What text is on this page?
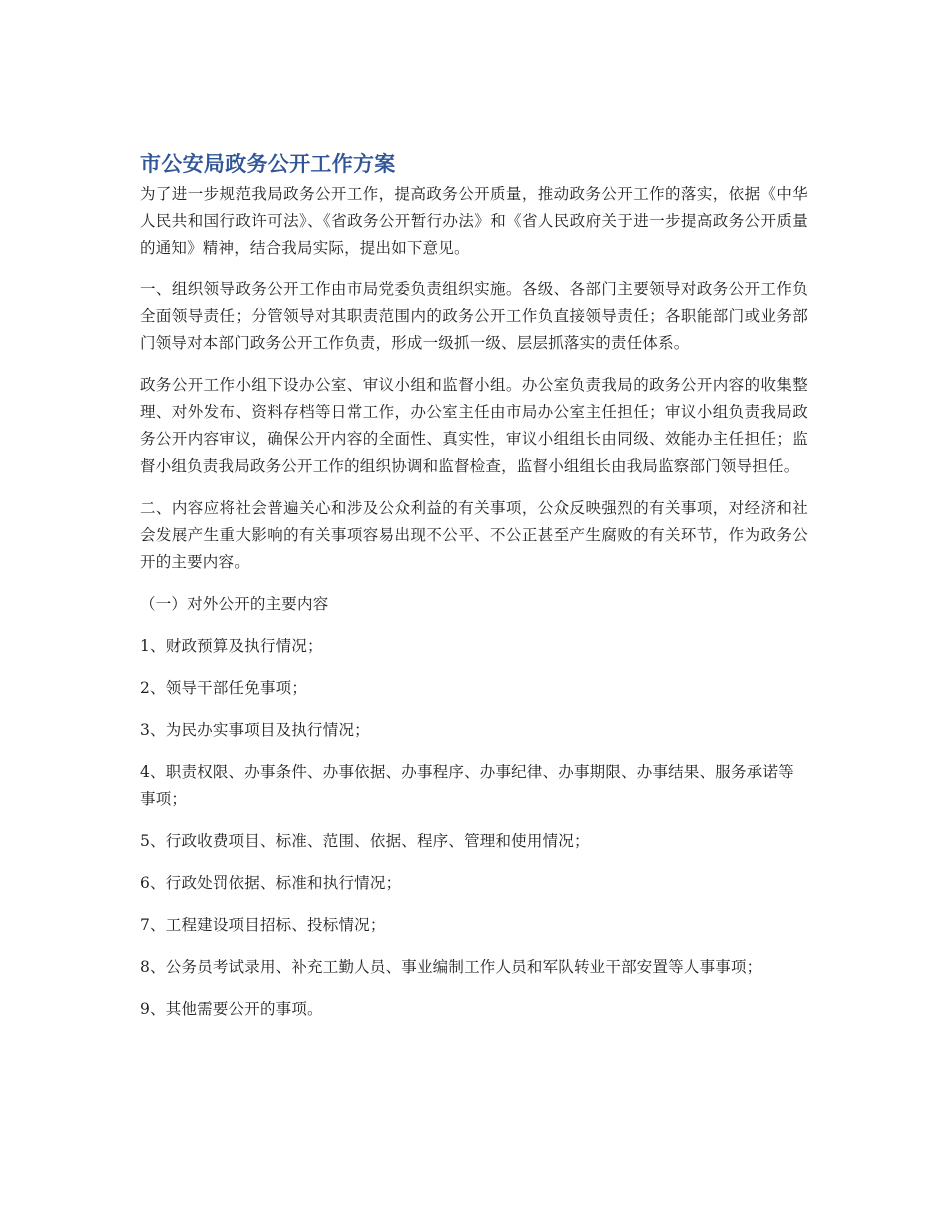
市公安局政务公开工作方案

为了进一步规范我局政务公开工作，提高政务公开质量，推动政务公开工作的落实，依据《中华人民共和国行政许可法》、《省政务公开暂行办法》和《省人民政府关于进一步提高政务公开质量的通知》精神，结合我局实际，提出如下意见。

一、组织领导政务公开工作由市局党委负责组织实施。各级、各部门主要领导对政务公开工作负全面领导责任；分管领导对其职责范围内的政务公开工作负直接领导责任；各职能部门或业务部门领导对本部门政务公开工作负责，形成一级抓一级、层层抓落实的责任体系。

政务公开工作小组下设办公室、审议小组和监督小组。办公室负责我局的政务公开内容的收集整理、对外发布、资料存档等日常工作，办公室主任由市局办公室主任担任；审议小组负责我局政务公开内容审议，确保公开内容的全面性、真实性，审议小组组长由同级、效能办主任担任；监督小组负责我局政务公开工作的组织协调和监督检查，监督小组组长由我局监察部门领导担任。

二、内容应将社会普遍关心和涉及公众利益的有关事项，公众反映强烈的有关事项，对经济和社会发展产生重大影响的有关事项容易出现不公平、不公正甚至产生腐败的有关环节，作为政务公开的主要内容。

（一）对外公开的主要内容

1、财政预算及执行情况；

2、领导干部任免事项；

3、为民办实事项目及执行情况；

4、职责权限、办事条件、办事依据、办事程序、办事纪律、办事期限、办事结果、服务承诺等事项；

5、行政收费项目、标准、范围、依据、程序、管理和使用情况；

6、行政处罚依据、标准和执行情况；

7、工程建设项目招标、投标情况；

8、公务员考试录用、补充工勤人员、事业编制工作人员和军队转业干部安置等人事事项；

9、其他需要公开的事项。
